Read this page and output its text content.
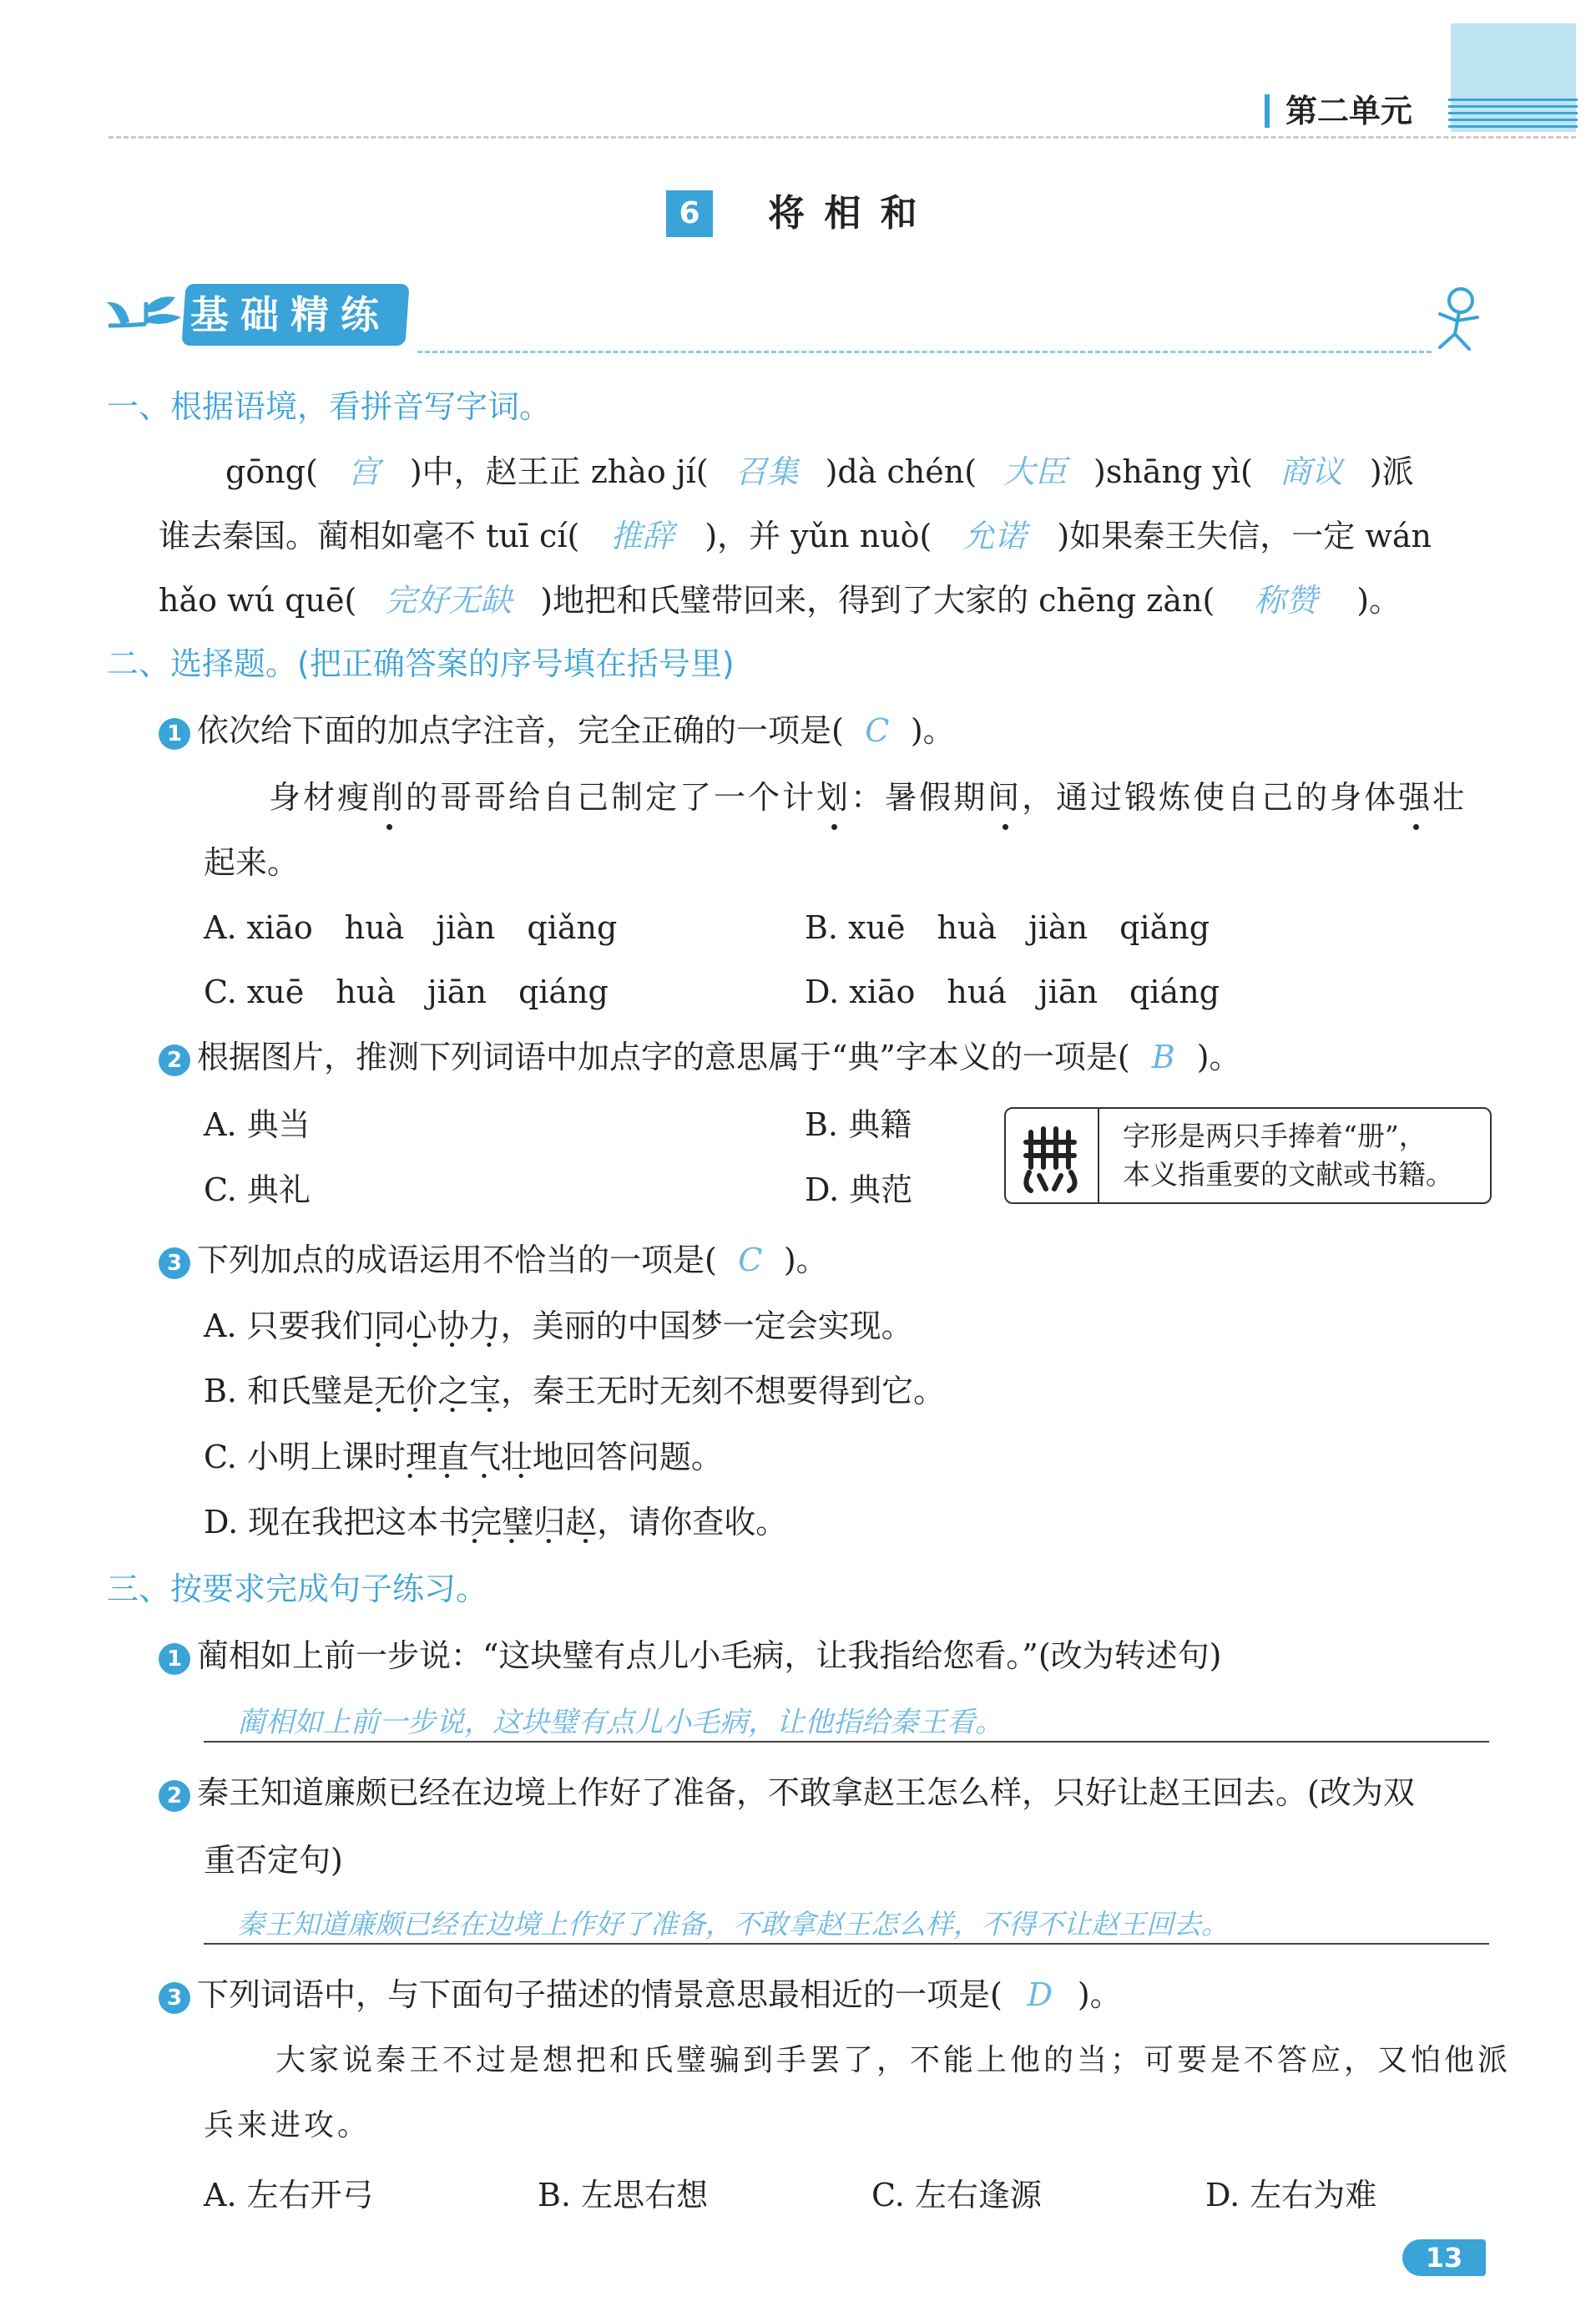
第二单元
6	将 相 和
基础精练
一、根据语境，看拼音写字词。
gōng( 宫 )中，赵王正 zhào jí( 召集 )dà chén( 大臣 )shāng yì( 商议 )派
谁去秦国。蔺相如毫不 tuī cí( 推辞 )，并 yǔn nuò( 允诺 )如果秦王失信，一定 wán
hǎo wú quē( 完好无缺 )地把和氏璧带回来，得到了大家的 chēng zàn( 称赞 )。
二、选择题。(把正确答案的序号填在括号里)
1 依次给下面的加点字注音，完全正确的一项是( C )。
身材瘦削的哥哥给自己制定了一个计划：暑假期间，通过锻炼使自己的身体强壮
起来。
A. xiāo　huà　jiàn　qiǎng	B. xuē　huà　jiàn　qiǎng
C. xuē　huà　jiān　qiáng	D. xiāo　huá　jiān　qiáng
2 根据图片，推测下列词语中加点字的意思属于“典”字本义的一项是( B )。
A. 典当	B. 典籍
C. 典礼	D. 典范
字形是两只手捧着“册”，
本义指重要的文献或书籍。
3 下列加点的成语运用不恰当的一项是( C )。
A. 只要我们同心协力 • • • •，美丽的中国梦一定会实现。
B. 和氏璧是无价之宝 • • • •，秦王无时无刻不想要得到它。
C. 小明上课时理直气壮 • • • •地回答问题。
D. 现在我把这本书完璧归赵 • • • •，请你查收。
三、按要求完成句子练习。
1 蔺相如上前一步说：“这块璧有点儿小毛病，让我指给您看。”(改为转述句)
蔺相如上前一步说，这块璧有点儿小毛病，让他指给秦王看。
2 秦王知道廉颇已经在边境上作好了准备，不敢拿赵王怎么样，只好让赵王回去。(改为双
重否定句)
秦王知道廉颇已经在边境上作好了准备，不敢拿赵王怎么样，不得不让赵王回去。
3 下列词语中，与下面句子描述的情景意思最相近的一项是( D )。
大家说秦王不过是想把和氏璧骗到手罢了，不能上他的当；可要是不答应，又怕他派
兵来进攻。
A. 左右开弓	B. 左思右想	C. 左右逢源	D. 左右为难
13
